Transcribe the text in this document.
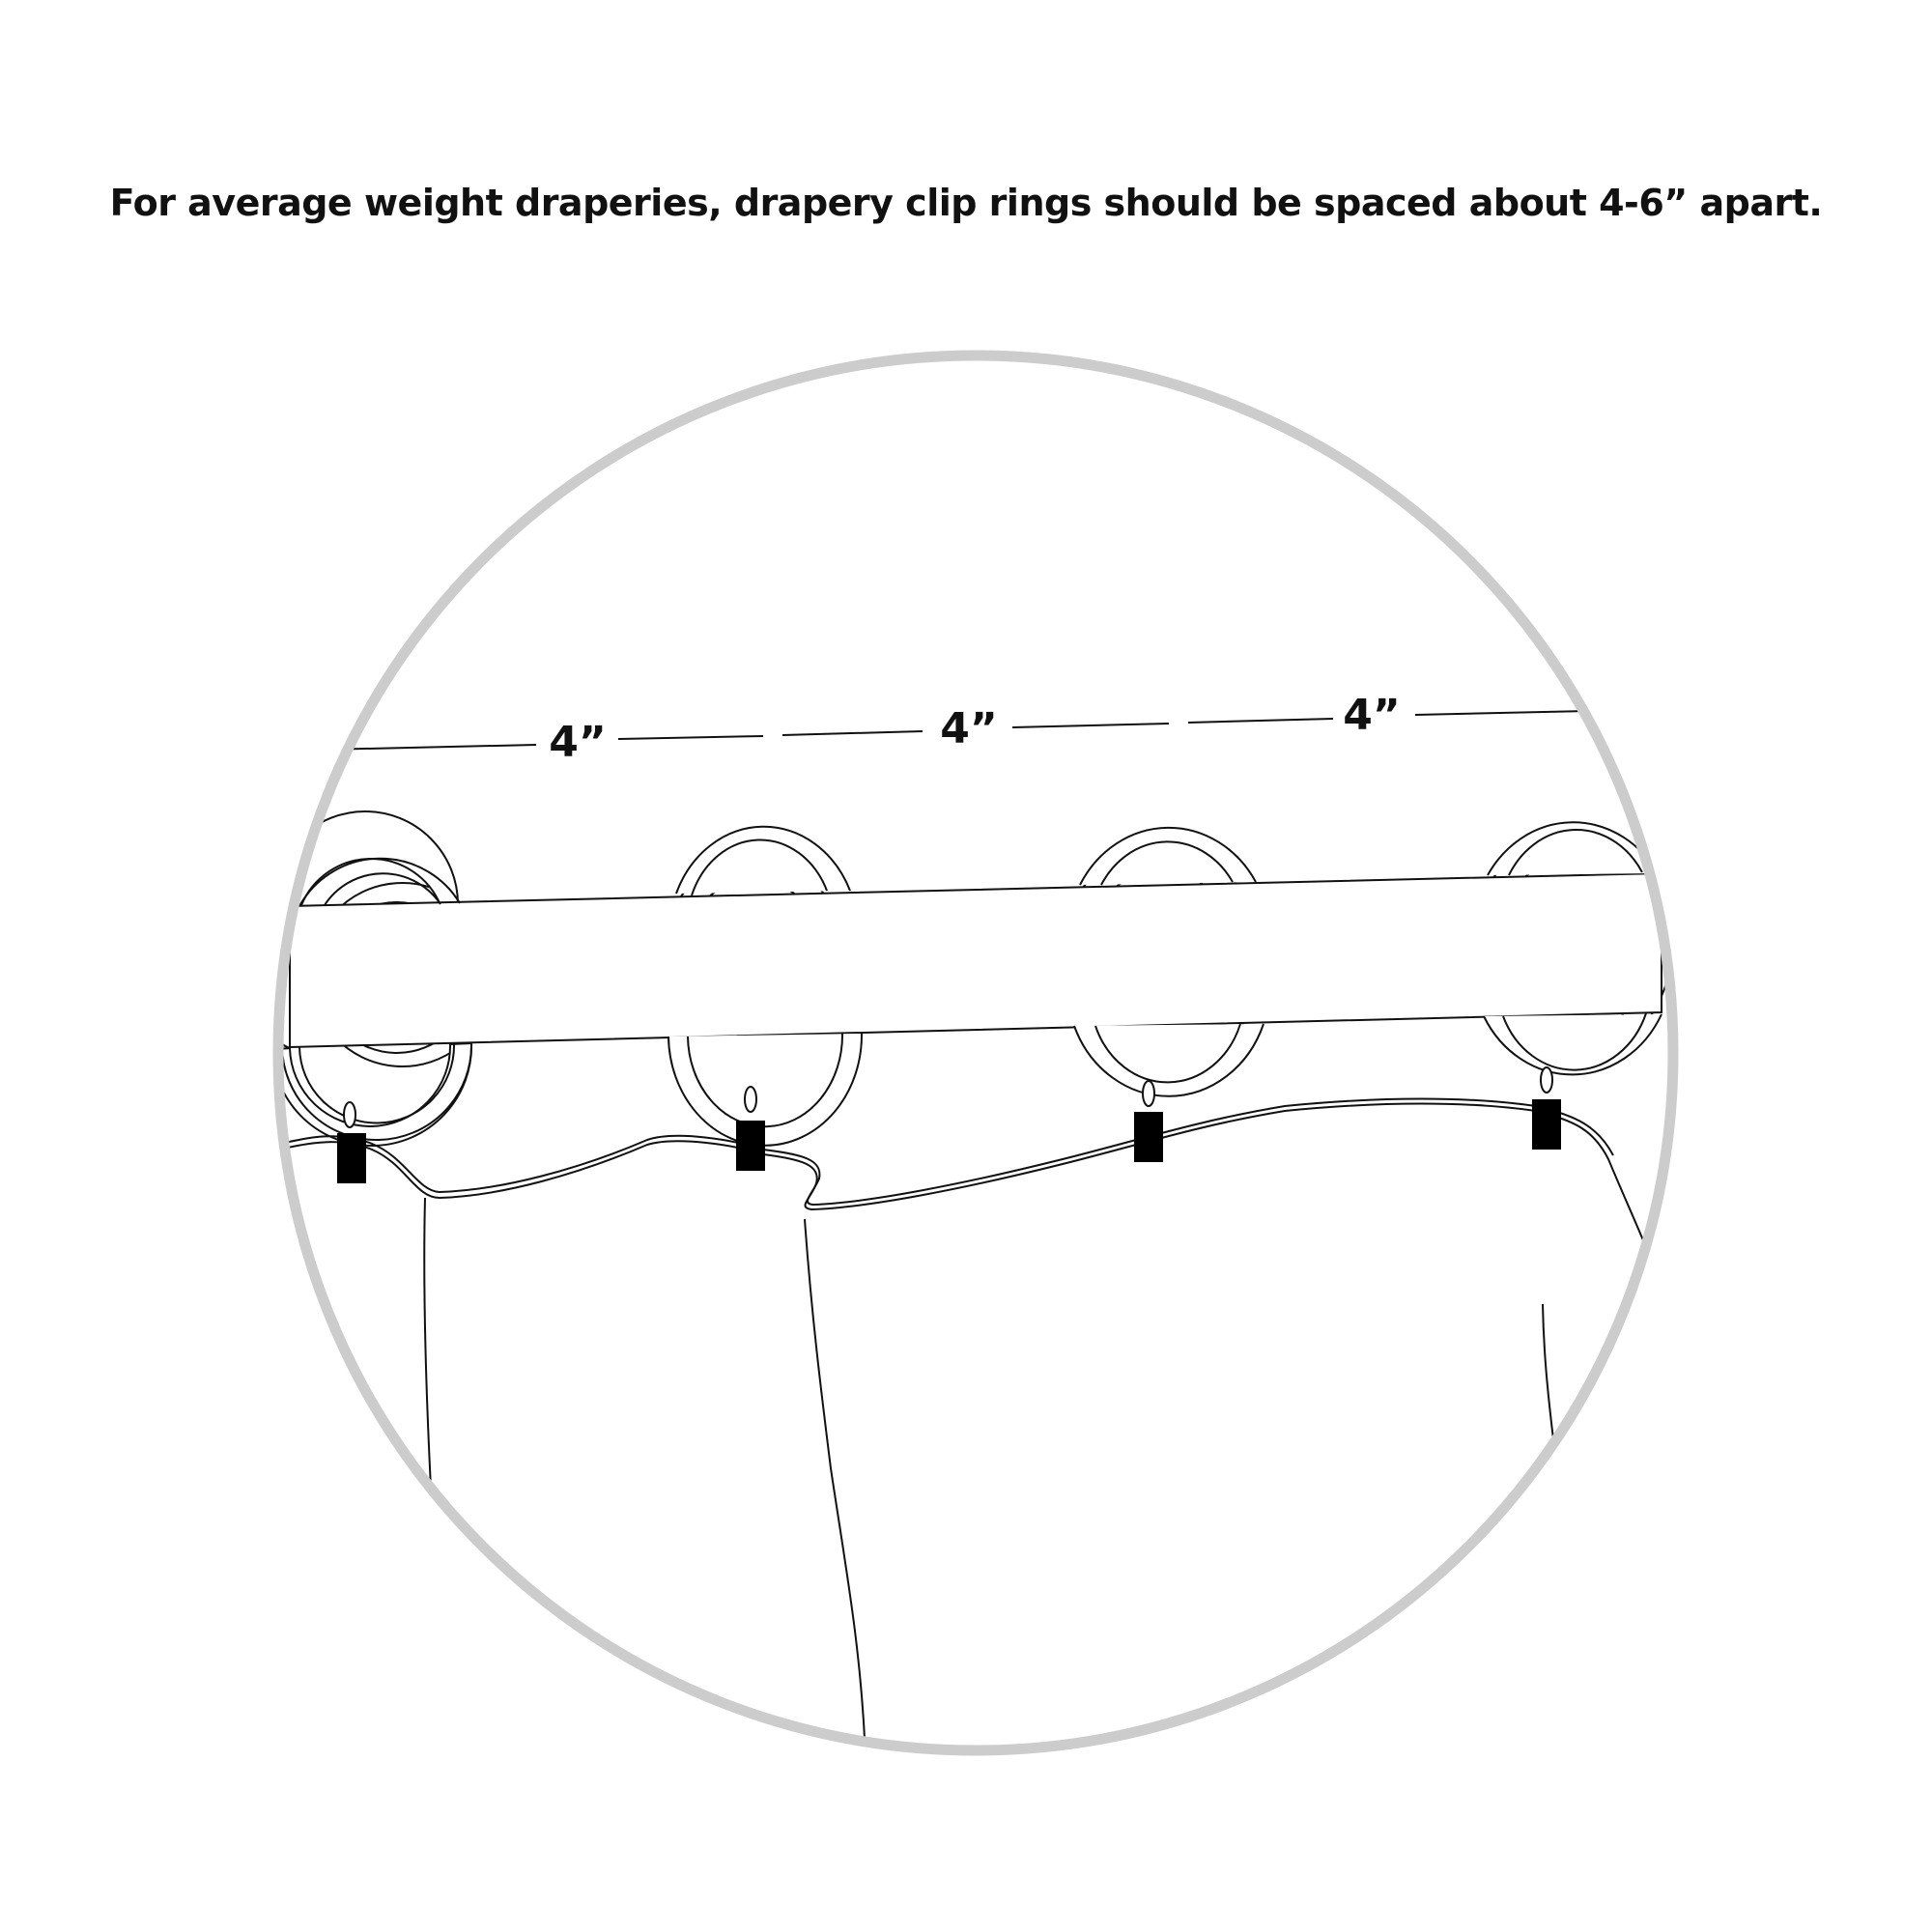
For average weight draperies, drapery clip rings should be spaced about 4-6” apart.
4”	4”	4”
